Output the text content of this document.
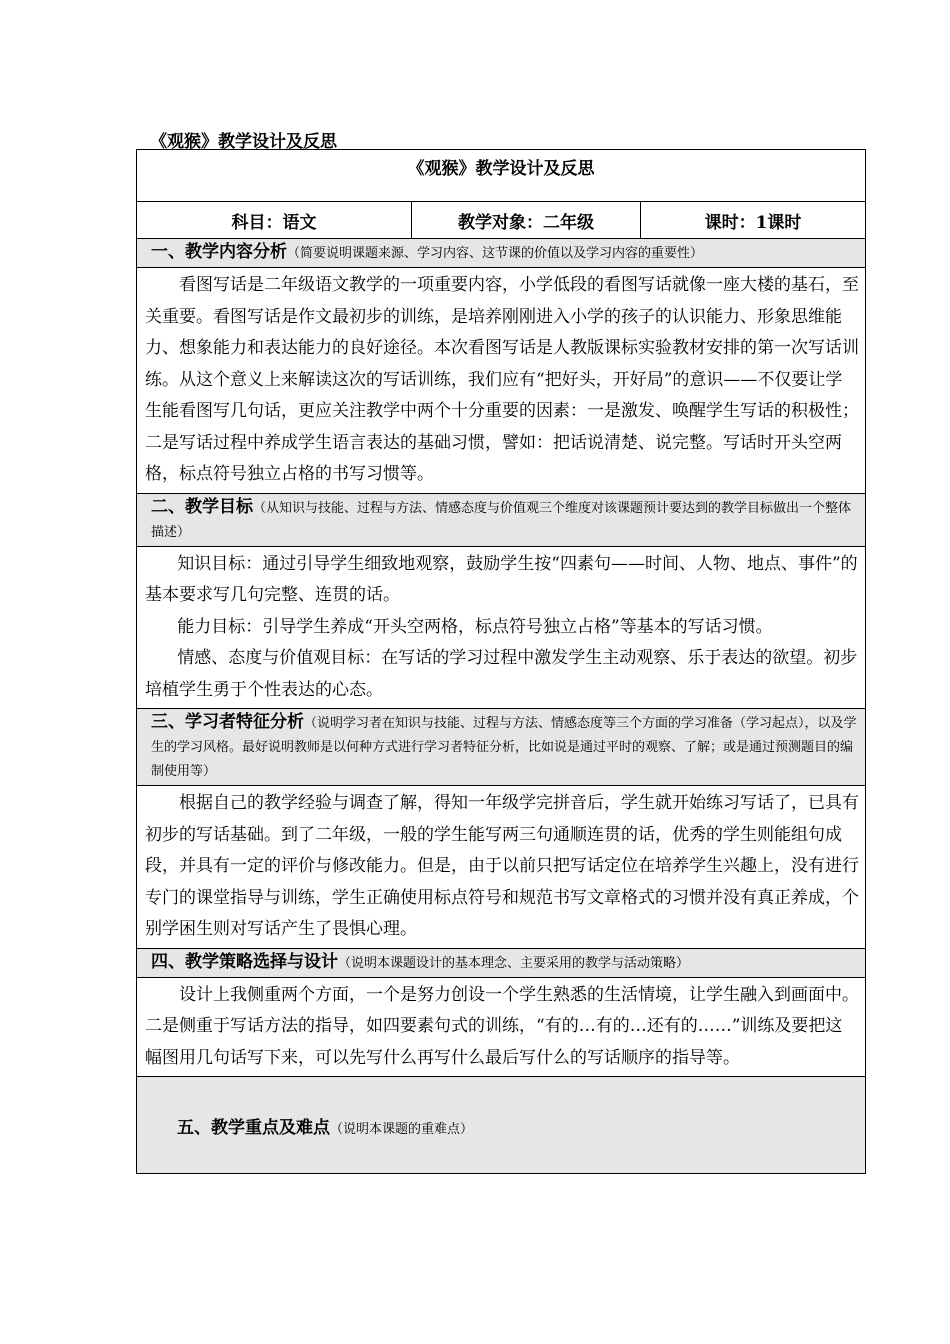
《观猴》教学设计及反思
《观猴》教学设计及反思
科目：语文	教学对象：二年级	课时：1课时
一、教学内容分析（简要说明课题来源、学习内容、这节课的价值以及学习内容的重要性）

看图写话是二年级语文教学的一项重要内容，小学低段的看图写话就像一座大楼的基石，至关重要。看图写话是作文最初步的训练，是培养刚刚进入小学的孩子的认识能力、形象思维能力、想象能力和表达能力的良好途径。本次看图写话是人教版课标实验教材安排的第一次写话训练。从这个意义上来解读这次的写话训练，我们应有“把好头，开好局”的意识——不仅要让学生能看图写几句话，更应关注教学中两个十分重要的因素：一是激发、唤醒学生写话的积极性；二是写话过程中养成学生语言表达的基础习惯，譬如：把话说清楚、说完整。写话时开头空两格，标点符号独立占格的书写习惯等。

二、教学目标（从知识与技能、过程与方法、情感态度与价值观三个维度对该课题预计要达到的教学目标做出一个整体描述）

知识目标：通过引导学生细致地观察，鼓励学生按“四素句——时间、人物、地点、事件”的基本要求写几句完整、连贯的话。

能力目标：引导学生养成“开头空两格，标点符号独立占格”等基本的写话习惯。

情感、态度与价值观目标：在写话的学习过程中激发学生主动观察、乐于表达的欲望。初步培植学生勇于个性表达的心态。

三、学习者特征分析（说明学习者在知识与技能、过程与方法、情感态度等三个方面的学习准备（学习起点），以及学生的学习风格。最好说明教师是以何种方式进行学习者特征分析，比如说是通过平时的观察、了解；或是通过预测题目的编制使用等）

根据自己的教学经验与调查了解，得知一年级学完拼音后，学生就开始练习写话了，已具有初步的写话基础。到了二年级，一般的学生能写两三句通顺连贯的话，优秀的学生则能组句成段，并具有一定的评价与修改能力。但是，由于以前只把写话定位在培养学生兴趣上，没有进行专门的课堂指导与训练，学生正确使用标点符号和规范书写文章格式的习惯并没有真正养成，个别学困生则对写话产生了畏惧心理。

四、教学策略选择与设计（说明本课题设计的基本理念、主要采用的教学与活动策略）

设计上我侧重两个方面，一个是努力创设一个学生熟悉的生活情境，让学生融入到画面中。二是侧重于写话方法的指导，如四要素句式的训练，“有的…有的…还有的……”训练及要把这幅图用几句话写下来，可以先写什么再写什么最后写什么的写话顺序的指导等。

五、教学重点及难点（说明本课题的重难点）
